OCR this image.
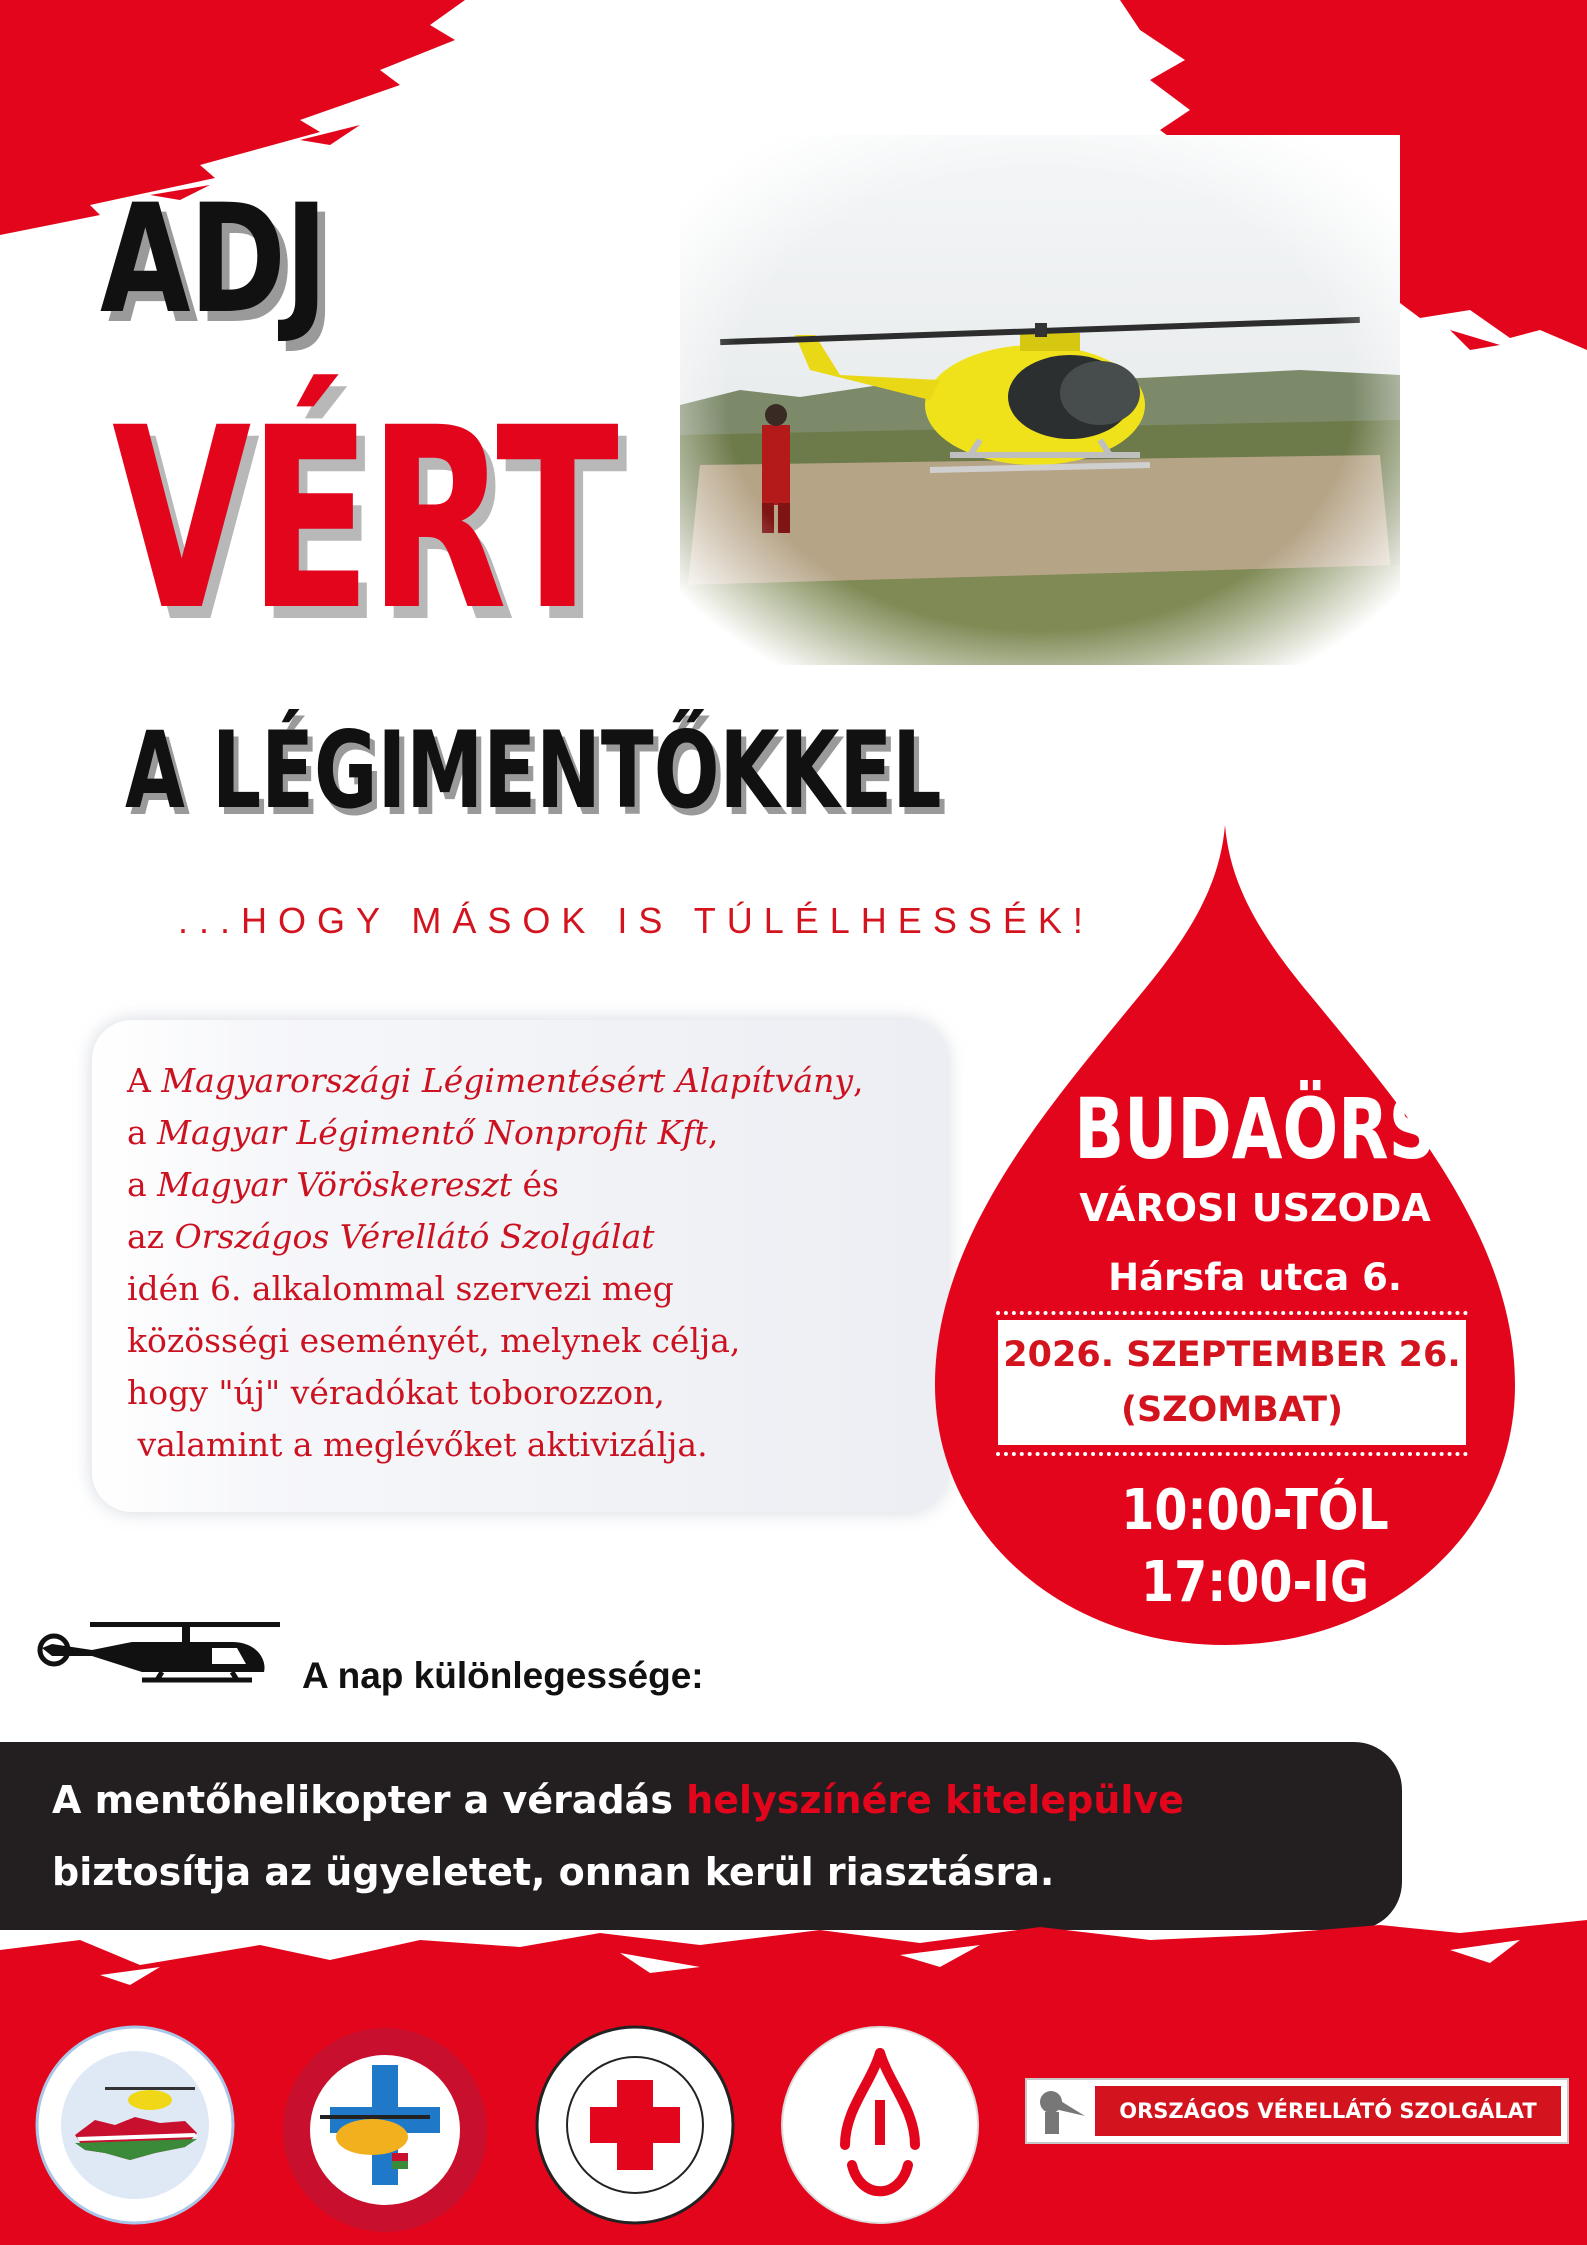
ADJ
VÉRT
A LÉGIMENTŐKKEL
...HOGY MÁSOK IS TÚLÉLHESSÉK!
A Magyarországi Légimentésért Alapítvány,
a Magyar Légimentő Nonprofit Kft,
a Magyar Vöröskereszt és
az Országos Vérellátó Szolgálat
idén 6. alkalommal szervezi meg
közösségi eseményét, melynek célja,
hogy "új" véradókat toborozzon,
valamint a meglévőket aktivizálja.
BUDAÖRS
VÁROSI USZODA
Hársfa utca 6.
2026. SZEPTEMBER 26.
(SZOMBAT)
10:00-TÓL
17:00-IG
A nap különlegessége:
A mentőhelikopter a véradás helyszínére kitelepülve
biztosítja az ügyeletet, onnan kerül riasztásra.
ORSZÁGOS VÉRELLÁTÓ SZOLGÁLAT
